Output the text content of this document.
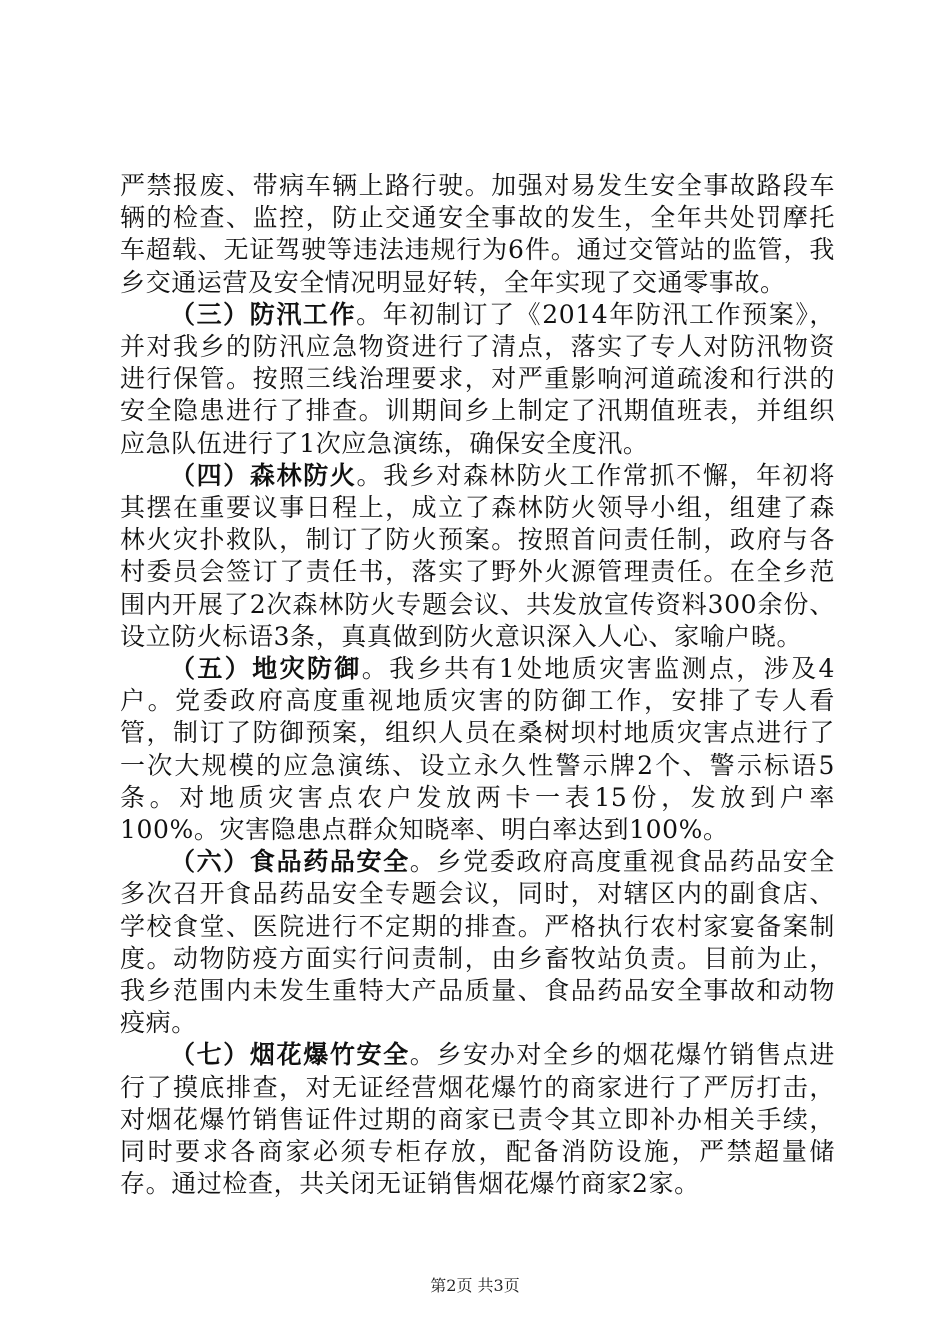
严禁报废、带病车辆上路行驶。加强对易发生安全事故路段车辆的检查、监控，防止交通安全事故的发生，全年共处罚摩托车超载、无证驾驶等违法违规行为6件。通过交管站的监管，我乡交通运营及安全情况明显好转，全年实现了交通零事故。

（三）防汛工作。年初制订了《2014年防汛工作预案》，并对我乡的防汛应急物资进行了清点，落实了专人对防汛物资进行保管。按照三线治理要求，对严重影响河道疏浚和行洪的安全隐患进行了排查。训期间乡上制定了汛期值班表，并组织应急队伍进行了1次应急演练，确保安全度汛。

（四）森林防火。我乡对森林防火工作常抓不懈，年初将其摆在重要议事日程上，成立了森林防火领导小组，组建了森林火灾扑救队，制订了防火预案。按照首问责任制，政府与各村委员会签订了责任书，落实了野外火源管理责任。在全乡范围内开展了2次森林防火专题会议、共发放宣传资料300余份、设立防火标语3条，真真做到防火意识深入人心、家喻户晓。

（五）地灾防御。我乡共有1处地质灾害监测点，涉及4户。党委政府高度重视地质灾害的防御工作，安排了专人看管，制订了防御预案，组织人员在桑树坝村地质灾害点进行了一次大规模的应急演练、设立永久性警示牌2个、警示标语5条。对地质灾害点农户发放两卡一表15份，发放到户率100%。灾害隐患点群众知晓率、明白率达到100%。

（六）食品药品安全。乡党委政府高度重视食品药品安全多次召开食品药品安全专题会议，同时，对辖区内的副食店、学校食堂、医院进行不定期的排查。严格执行农村家宴备案制度。动物防疫方面实行问责制，由乡畜牧站负责。目前为止，我乡范围内未发生重特大产品质量、食品药品安全事故和动物疫病。

（七）烟花爆竹安全。乡安办对全乡的烟花爆竹销售点进行了摸底排查，对无证经营烟花爆竹的商家进行了严厉打击，对烟花爆竹销售证件过期的商家已责令其立即补办相关手续，同时要求各商家必须专柜存放，配备消防设施，严禁超量储存。通过检查，共关闭无证销售烟花爆竹商家2家。

第2页 共3页
